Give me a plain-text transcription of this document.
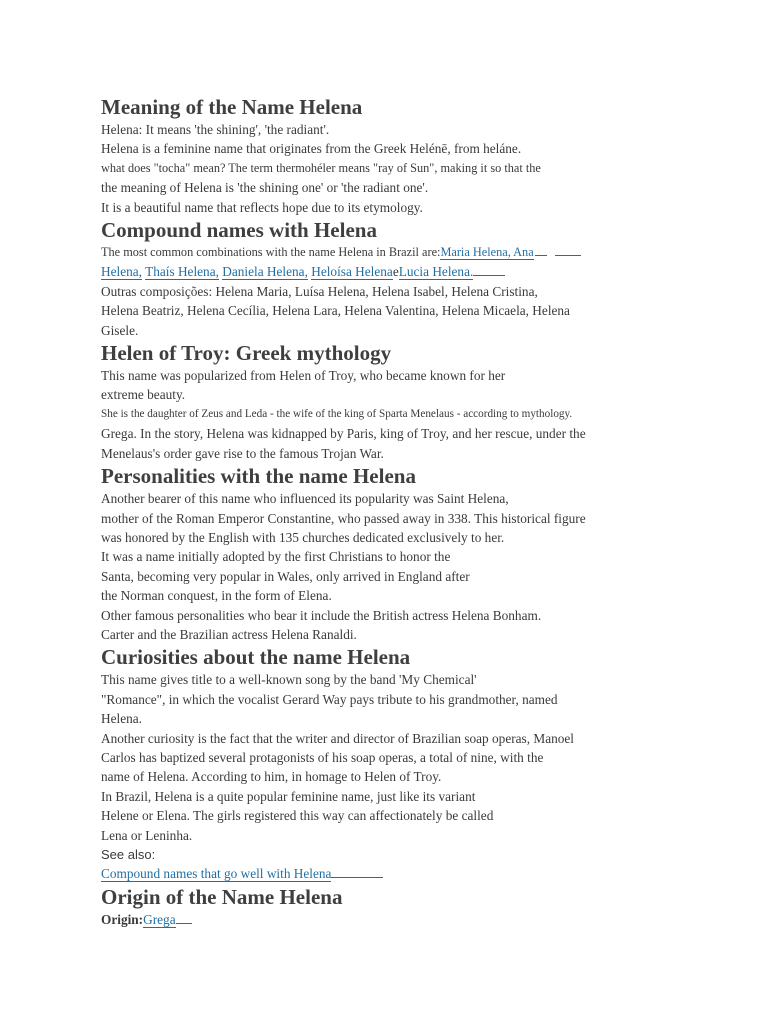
Meaning of the Name Helena
Helena: It means 'the shining', 'the radiant'.
Helena is a feminine name that originates from the Greek Helénē, from heláne.
what does "tocha" mean? The term thermohéler means "ray of Sun", making it so that the
the meaning of Helena is 'the shining one' or 'the radiant one'.
It is a beautiful name that reflects hope due to its etymology.
Compound names with Helena
The most common combinations with the name Helena in Brazil are:Maria Helena, Ana
Helena, Thaís Helena, Daniela Helena, Heloísa HelenaeLucia Helena.
Outras composições: Helena Maria, Luísa Helena, Helena Isabel, Helena Cristina,
Helena Beatriz, Helena Cecília, Helena Lara, Helena Valentina, Helena Micaela, Helena
Gisele.
Helen of Troy: Greek mythology
This name was popularized from Helen of Troy, who became known for her
extreme beauty.
She is the daughter of Zeus and Leda - the wife of the king of Sparta Menelaus - according to mythology.
Grega. In the story, Helena was kidnapped by Paris, king of Troy, and her rescue, under the
Menelaus's order gave rise to the famous Trojan War.
Personalities with the name Helena
Another bearer of this name who influenced its popularity was Saint Helena,
mother of the Roman Emperor Constantine, who passed away in 338. This historical figure
was honored by the English with 135 churches dedicated exclusively to her.
It was a name initially adopted by the first Christians to honor the
Santa, becoming very popular in Wales, only arrived in England after
the Norman conquest, in the form of Elena.
Other famous personalities who bear it include the British actress Helena Bonham.
Carter and the Brazilian actress Helena Ranaldi.
Curiosities about the name Helena
This name gives title to a well-known song by the band 'My Chemical'
"Romance", in which the vocalist Gerard Way pays tribute to his grandmother, named
Helena.
Another curiosity is the fact that the writer and director of Brazilian soap operas, Manoel
Carlos has baptized several protagonists of his soap operas, a total of nine, with the
name of Helena. According to him, in homage to Helen of Troy.
In Brazil, Helena is a quite popular feminine name, just like its variant
Helene or Elena. The girls registered this way can affectionately be called
Lena or Leninha.
See also:
Compound names that go well with Helena
Origin of the Name Helena
Origin:Grega
